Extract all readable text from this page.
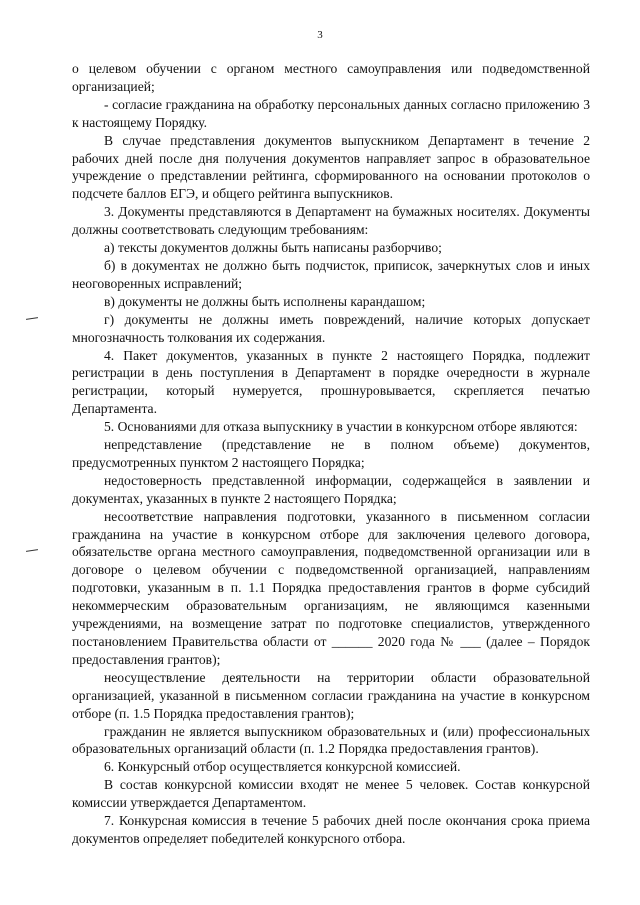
3

о целевом обучении с органом местного самоуправления или подведомственной организацией;

- согласие гражданина на обработку персональных данных согласно приложению 3 к настоящему Порядку.

В случае представления документов выпускником Департамент в течение 2 рабочих дней после дня получения документов направляет запрос в образовательное учреждение о представлении рейтинга, сформированного на основании протоколов о подсчете баллов ЕГЭ, и общего рейтинга выпускников.

3. Документы представляются в Департамент на бумажных носителях. Документы должны соответствовать следующим требованиям:

а) тексты документов должны быть написаны разборчиво;

б) в документах не должно быть подчисток, приписок, зачеркнутых слов и иных неоговоренных исправлений;

в) документы не должны быть исполнены карандашом;

г) документы не должны иметь повреждений, наличие которых допускает многозначность толкования их содержания.

4. Пакет документов, указанных в пункте 2 настоящего Порядка, подлежит регистрации в день поступления в Департамент в порядке очередности в журнале регистрации, который нумеруется, прошнуровывается, скрепляется печатью Департамента.

5. Основаниями для отказа выпускнику в участии в конкурсном отборе являются:

непредставление (представление не в полном объеме) документов, предусмотренных пунктом 2 настоящего Порядка;

недостоверность представленной информации, содержащейся в заявлении и документах, указанных в пункте 2 настоящего Порядка;

несоответствие направления подготовки, указанного в письменном согласии гражданина на участие в конкурсном отборе для заключения целевого договора, обязательстве органа местного самоуправления, подведомственной организации или в договоре о целевом обучении с подведомственной организацией, направлениям подготовки, указанным в п. 1.1 Порядка предоставления грантов в форме субсидий некоммерческим образовательным организациям, не являющимся казенными учреждениями, на возмещение затрат по подготовке специалистов, утвержденного постановлением Правительства области от ______ 2020 года № ___ (далее – Порядок предоставления грантов);

неосуществление деятельности на территории области образовательной организацией, указанной в письменном согласии гражданина на участие в конкурсном отборе (п. 1.5 Порядка предоставления грантов);

гражданин не является выпускником образовательных и (или) профессиональных образовательных организаций области (п. 1.2 Порядка предоставления грантов).

6. Конкурсный отбор осуществляется конкурсной комиссией.

В состав конкурсной комиссии входят не менее 5 человек. Состав конкурсной комиссии утверждается Департаментом.

7. Конкурсная комиссия в течение 5 рабочих дней после окончания срока приема документов определяет победителей конкурсного отбора.
